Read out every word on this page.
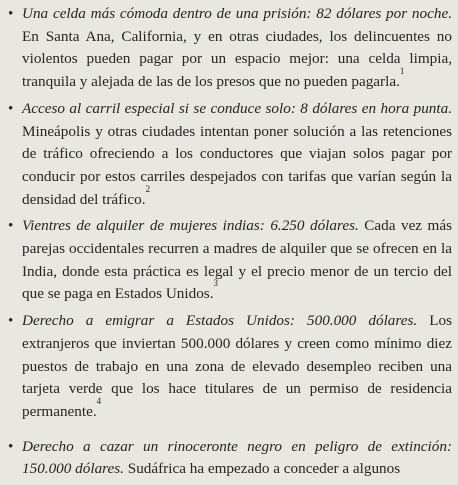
• Una celda más cómoda dentro de una prisión: 82 dólares por noche. En Santa Ana, California, y en otras ciudades, los delincuentes no violentos pueden pagar por un espacio mejor: una celda limpia, tranquila y alejada de las de los presos que no pueden pagarla.$^1$
• Acceso al carril especial si se conduce solo: 8 dólares en hora punta. Mineápolis y otras ciudades intentan poner solución a las retenciones de tráfico ofreciendo a los conductores que viajan solos pagar por conducir por estos carriles despejados con tarifas que varían según la densidad del tráfico.$^2$
• Vientres de alquiler de mujeres indias: 6.250 dólares. Cada vez más parejas occidentales recurren a madres de alquiler que se ofrecen en la India, donde esta práctica es legal y el precio menor de un tercio del que se paga en Estados Unidos.$^3$
• Derecho a emigrar a Estados Unidos: 500.000 dólares. Los extranjeros que inviertan 500.000 dólares y creen como mínimo diez puestos de trabajo en una zona de elevado desempleo reciben una tarjeta verde que los hace titulares de un permiso de residencia permanente.$^4$
• Derecho a cazar un rinoceronte negro en peligro de extinción: 150.000 dólares. Sudáfrica ha empezado a conceder a algunos
